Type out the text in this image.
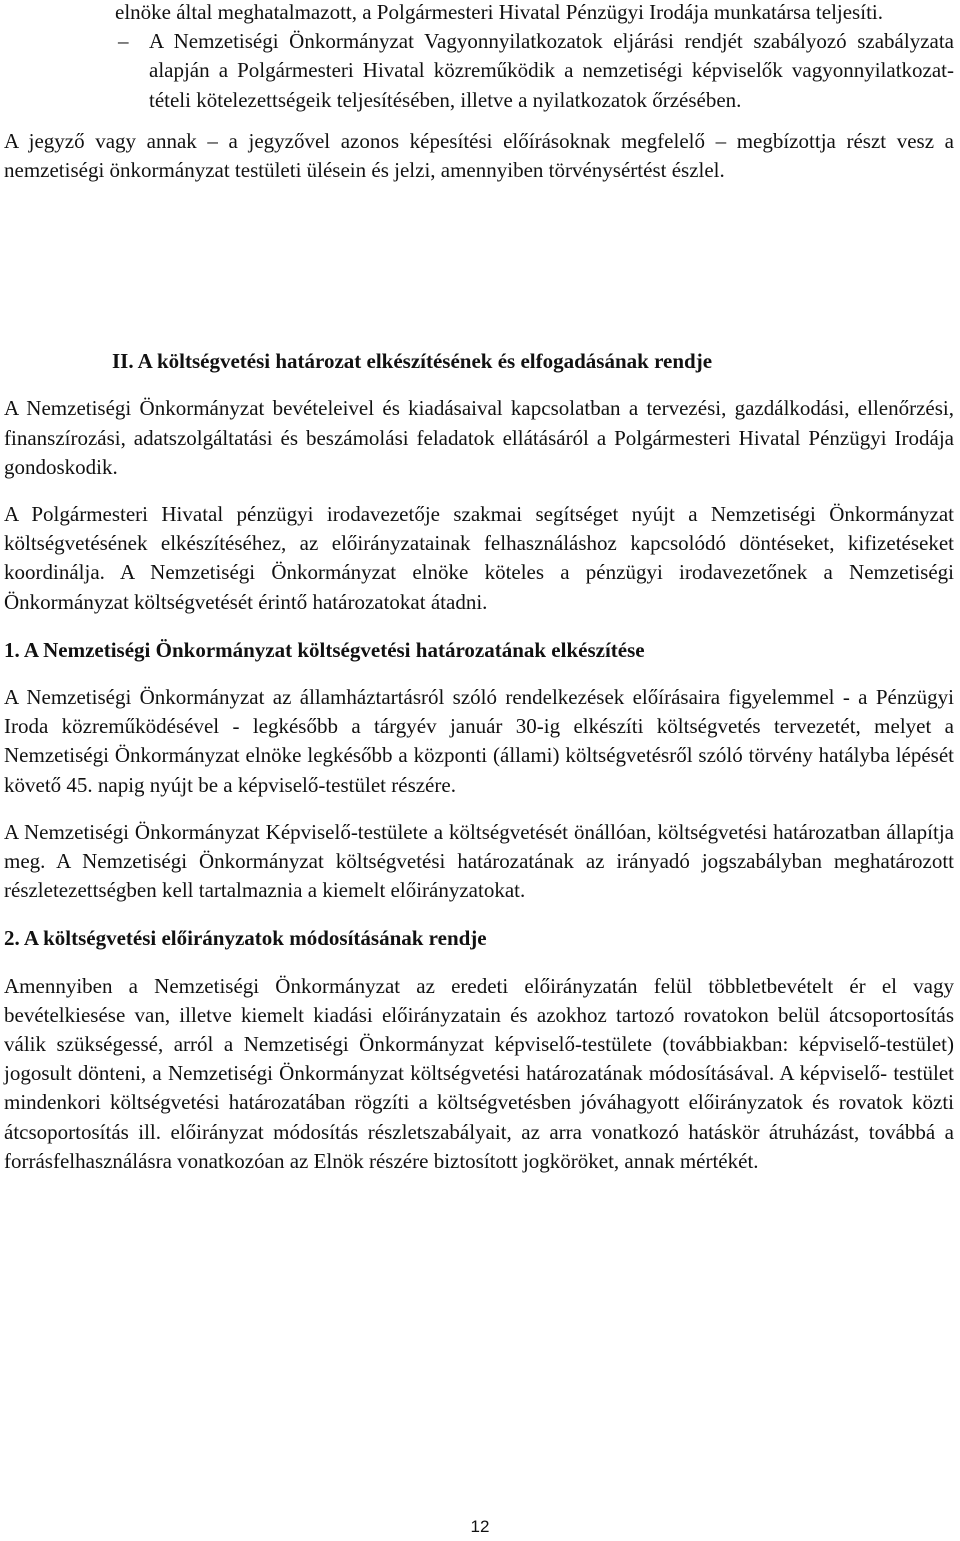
elnöke által meghatalmazott, a Polgármesteri Hivatal Pénzügyi Irodája munkatársa teljesíti.

– A Nemzetiségi Önkormányzat Vagyonnyilatkozatok eljárási rendjét szabályozó szabályzata alapján a Polgármesteri Hivatal közreműködik a nemzetiségi képviselők vagyonnyilatkozat-tételi kötelezettségeik teljesítésében, illetve a nyilatkozatok őrzésében.

A jegyző vagy annak – a jegyzővel azonos képesítési előírásoknak megfelelő – megbízottja részt vesz a nemzetiségi önkormányzat testületi ülésein és jelzi, amennyiben törvénysértést észlel.

II. A költségvetési határozat elkészítésének és elfogadásának rendje

A Nemzetiségi Önkormányzat bevételeivel és kiadásaival kapcsolatban a tervezési, gazdálkodási, ellenőrzési, finanszírozási, adatszolgáltatási és beszámolási feladatok ellátásáról a Polgármesteri Hivatal Pénzügyi Irodája gondoskodik.

A Polgármesteri Hivatal pénzügyi irodavezetője szakmai segítséget nyújt a Nemzetiségi Önkormányzat költségvetésének elkészítéséhez, az előirányzatainak felhasználáshoz kapcsolódó döntéseket, kifizetéseket koordinálja. A Nemzetiségi Önkormányzat elnöke köteles a pénzügyi irodavezetőnek a Nemzetiségi Önkormányzat költségvetését érintő határozatokat átadni.

1. A Nemzetiségi Önkormányzat költségvetési határozatának elkészítése

A Nemzetiségi Önkormányzat az államháztartásról szóló rendelkezések előírásaira figyelemmel - a Pénzügyi Iroda közreműködésével - legkésőbb a tárgyév január 30-ig elkészíti költségvetés tervezetét, melyet a Nemzetiségi Önkormányzat elnöke legkésőbb a központi (állami) költségvetésről szóló törvény hatályba lépését követő 45. napig nyújt be a képviselő-testület részére.

A Nemzetiségi Önkormányzat Képviselő-testülete a költségvetését önállóan, költségvetési határozatban állapítja meg. A Nemzetiségi Önkormányzat költségvetési határozatának az irányadó jogszabályban meghatározott részletezettségben kell tartalmaznia a kiemelt előirányzatokat.

2. A költségvetési előirányzatok módosításának rendje

Amennyiben a Nemzetiségi Önkormányzat az eredeti előirányzatán felül többletbevételt ér el vagy bevételkiesése van, illetve kiemelt kiadási előirányzatain és azokhoz tartozó rovatokon belül átcsoportosítás válik szükségessé, arról a Nemzetiségi Önkormányzat képviselő-testülete (továbbiakban: képviselő-testület) jogosult dönteni, a Nemzetiségi Önkormányzat költségvetési határozatának módosításával. A képviselő- testület mindenkori költségvetési határozatában rögzíti a költségvetésben jóváhagyott előirányzatok és rovatok közti átcsoportosítás ill. előirányzat módosítás részletszabályait, az arra vonatkozó hatáskör átruházást, továbbá a forrásfelhasználásra vonatkozóan az Elnök részére biztosított jogköröket, annak mértékét.

12
